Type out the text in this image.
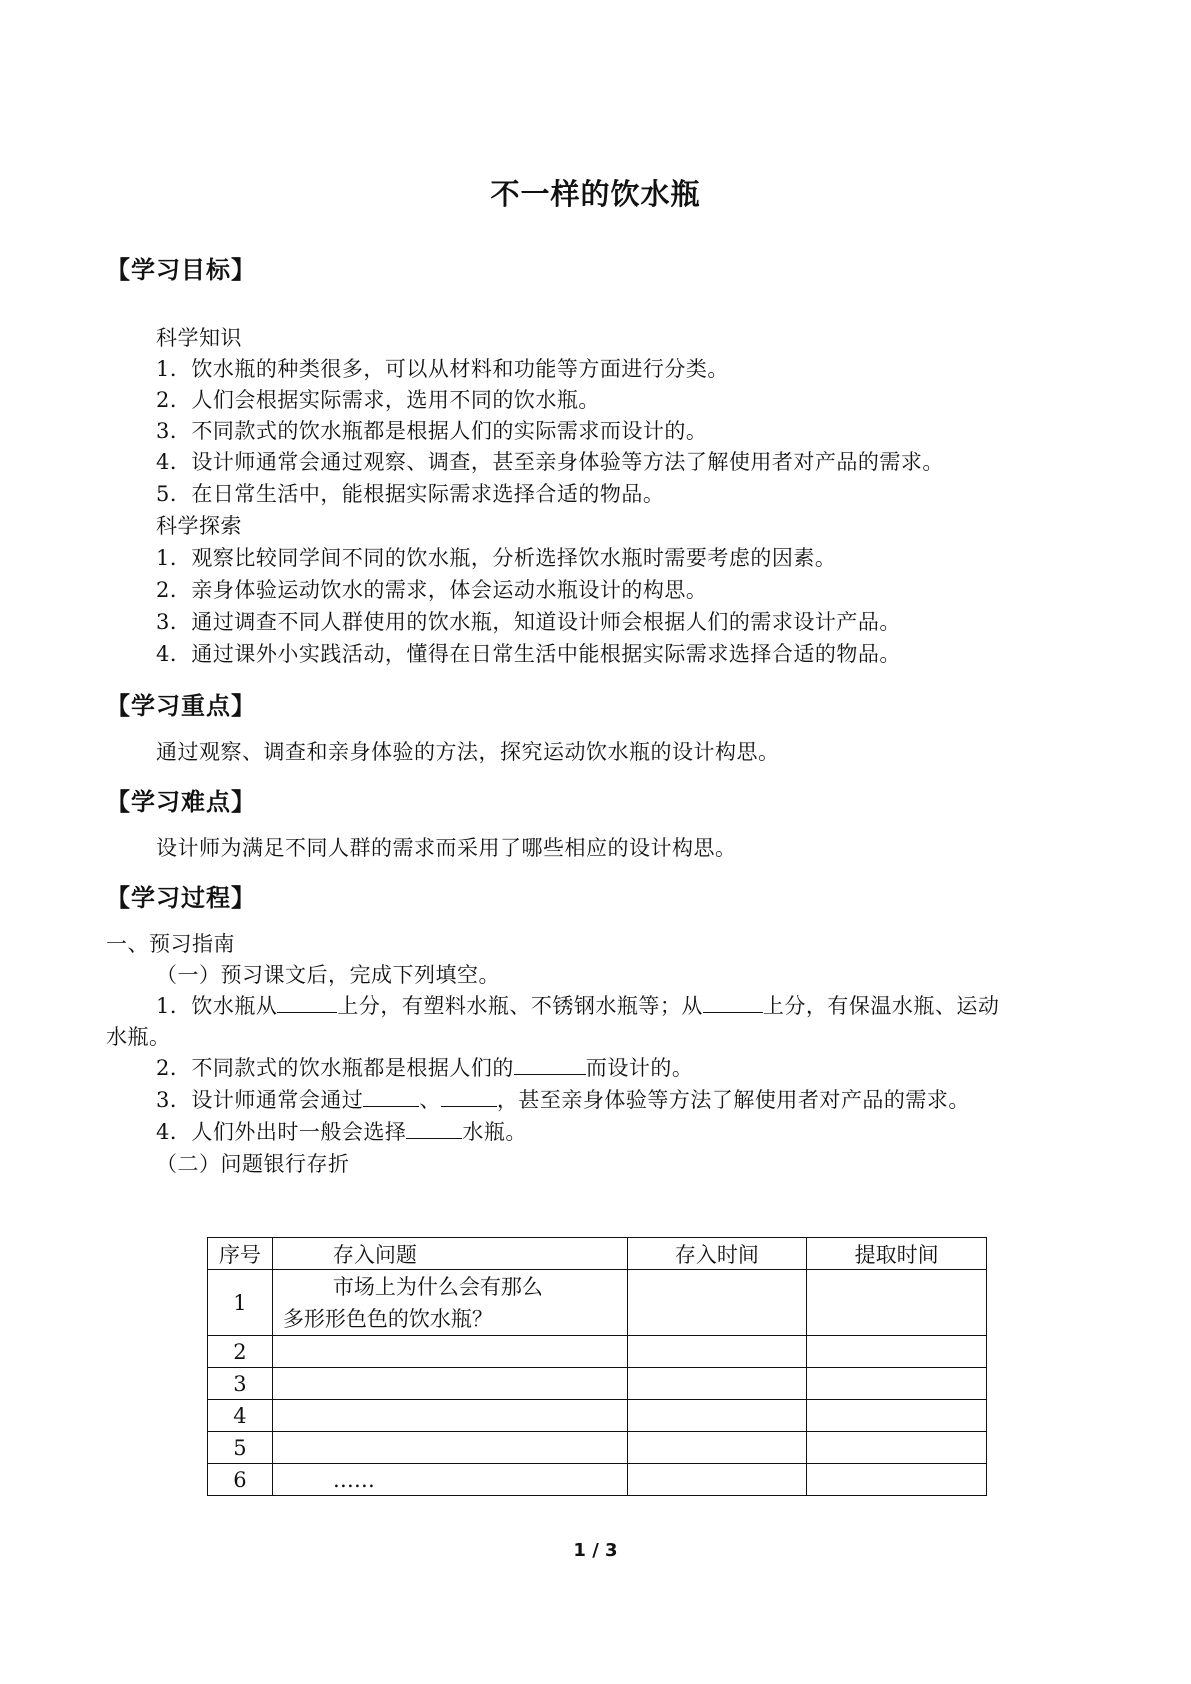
不一样的饮水瓶
【学习目标】
科学知识
1．饮水瓶的种类很多，可以从材料和功能等方面进行分类。
2．人们会根据实际需求，选用不同的饮水瓶。
3．不同款式的饮水瓶都是根据人们的实际需求而设计的。
4．设计师通常会通过观察、调查，甚至亲身体验等方法了解使用者对产品的需求。
5．在日常生活中，能根据实际需求选择合适的物品。
科学探索
1．观察比较同学间不同的饮水瓶，分析选择饮水瓶时需要考虑的因素。
2．亲身体验运动饮水的需求，体会运动水瓶设计的构思。
3．通过调查不同人群使用的饮水瓶，知道设计师会根据人们的需求设计产品。
4．通过课外小实践活动，懂得在日常生活中能根据实际需求选择合适的物品。
【学习重点】
通过观察、调查和亲身体验的方法，探究运动饮水瓶的设计构思。
【学习难点】
设计师为满足不同人群的需求而采用了哪些相应的设计构思。
【学习过程】
一、预习指南
（一）预习课文后，完成下列填空。
1．饮水瓶从	上分，有塑料水瓶、不锈钢水瓶等；从	上分，有保温水瓶、运动
水瓶。
2．不同款式的饮水瓶都是根据人们的	而设计的。
3．设计师通常会通过	、	，甚至亲身体验等方法了解使用者对产品的需求。
4．人们外出时一般会选择	水瓶。
（二）问题银行存折
序号	存入问题	存入时间	提取时间
1	市场上为什么会有那么
多形形色色的饮水瓶？		
2			
3			
4			
5			
6	……		
1 / 3
